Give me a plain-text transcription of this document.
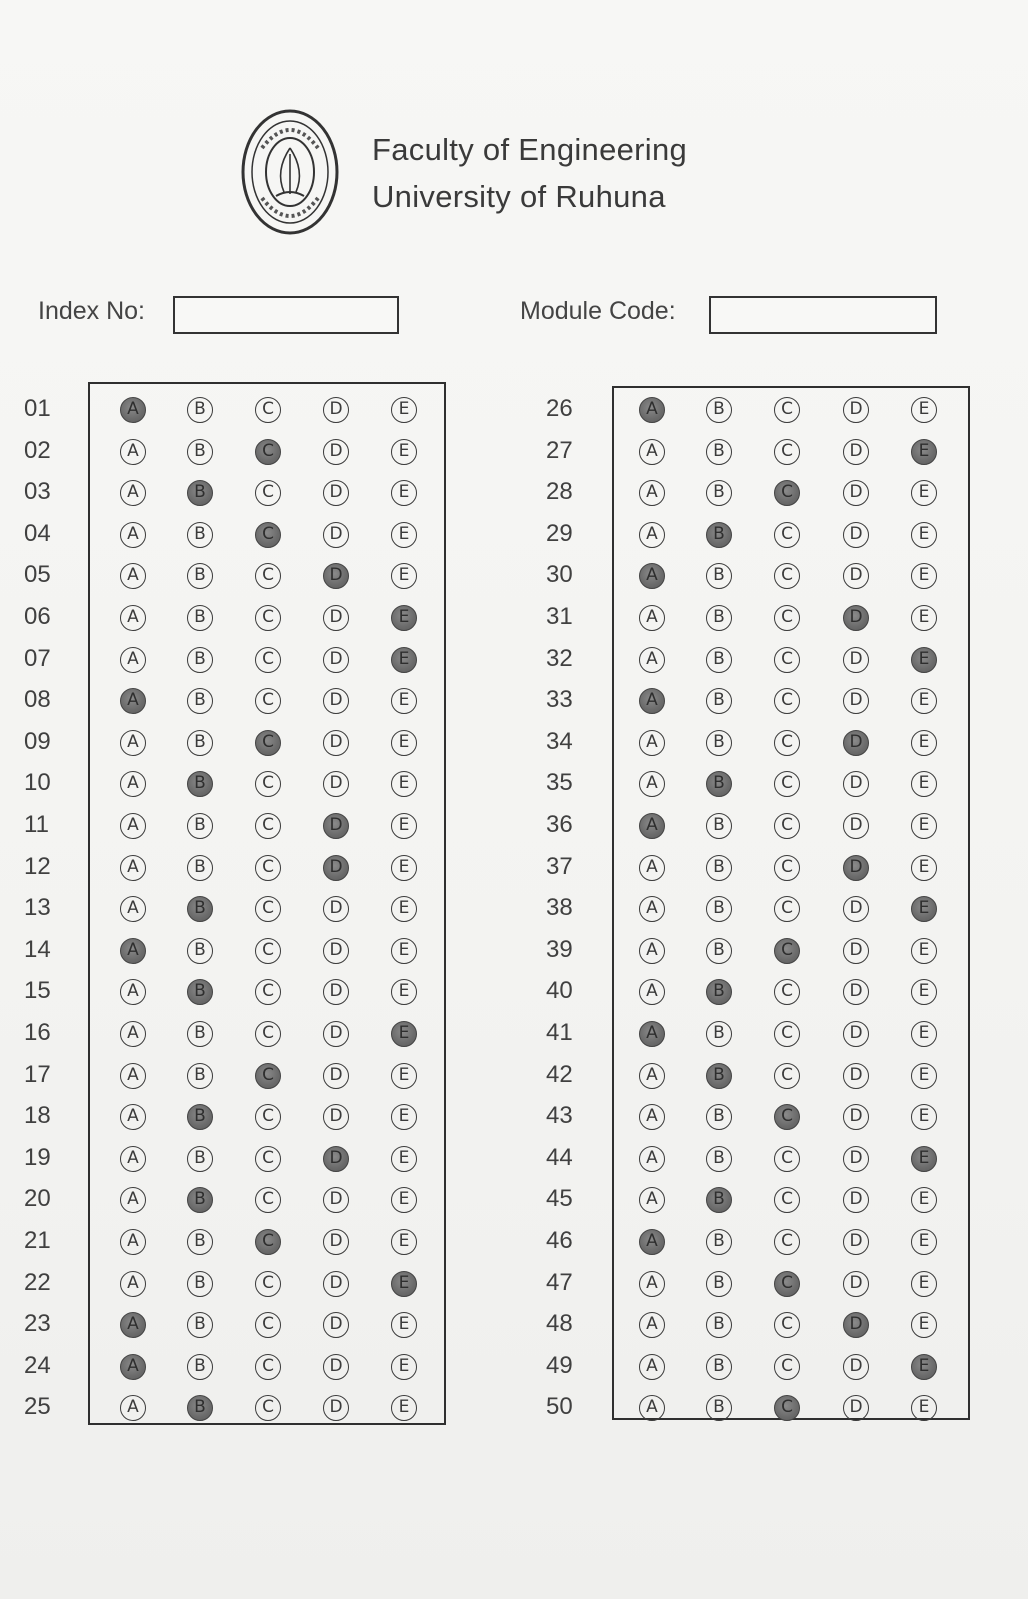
Faculty of Engineering
University of Ruhuna
Index No:	Module Code:
01	A	B	C	D	E
02	A	B	C	D	E
03	A	B	C	D	E
04	A	B	C	D	E
05	A	B	C	D	E
06	A	B	C	D	E
07	A	B	C	D	E
08	A	B	C	D	E
09	A	B	C	D	E
10	A	B	C	D	E
11	A	B	C	D	E
12	A	B	C	D	E
13	A	B	C	D	E
14	A	B	C	D	E
15	A	B	C	D	E
16	A	B	C	D	E
17	A	B	C	D	E
18	A	B	C	D	E
19	A	B	C	D	E
20	A	B	C	D	E
21	A	B	C	D	E
22	A	B	C	D	E
23	A	B	C	D	E
24	A	B	C	D	E
25	A	B	C	D	E
26	A	B	C	D	E
27	A	B	C	D	E
28	A	B	C	D	E
29	A	B	C	D	E
30	A	B	C	D	E
31	A	B	C	D	E
32	A	B	C	D	E
33	A	B	C	D	E
34	A	B	C	D	E
35	A	B	C	D	E
36	A	B	C	D	E
37	A	B	C	D	E
38	A	B	C	D	E
39	A	B	C	D	E
40	A	B	C	D	E
41	A	B	C	D	E
42	A	B	C	D	E
43	A	B	C	D	E
44	A	B	C	D	E
45	A	B	C	D	E
46	A	B	C	D	E
47	A	B	C	D	E
48	A	B	C	D	E
49	A	B	C	D	E
50	A	B	C	D	E
